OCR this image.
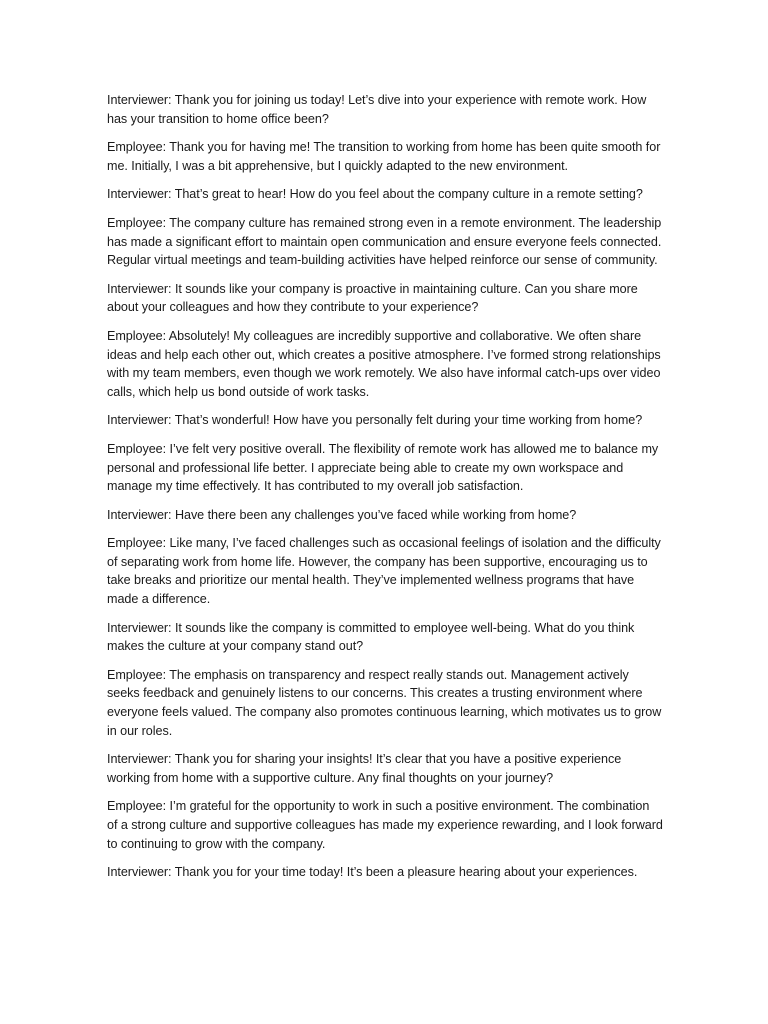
Interviewer: Thank you for joining us today! Let’s dive into your experience with remote work. How has your transition to home office been?

Employee: Thank you for having me! The transition to working from home has been quite smooth for me. Initially, I was a bit apprehensive, but I quickly adapted to the new environment.

Interviewer: That’s great to hear! How do you feel about the company culture in a remote setting?

Employee: The company culture has remained strong even in a remote environment. The leadership has made a significant effort to maintain open communication and ensure everyone feels connected. Regular virtual meetings and team-building activities have helped reinforce our sense of community.

Interviewer: It sounds like your company is proactive in maintaining culture. Can you share more about your colleagues and how they contribute to your experience?

Employee: Absolutely! My colleagues are incredibly supportive and collaborative. We often share ideas and help each other out, which creates a positive atmosphere. I’ve formed strong relationships with my team members, even though we work remotely. We also have informal catch-ups over video calls, which help us bond outside of work tasks.

Interviewer: That’s wonderful! How have you personally felt during your time working from home?

Employee: I’ve felt very positive overall. The flexibility of remote work has allowed me to balance my personal and professional life better. I appreciate being able to create my own workspace and manage my time effectively. It has contributed to my overall job satisfaction.

Interviewer: Have there been any challenges you’ve faced while working from home?

Employee: Like many, I’ve faced challenges such as occasional feelings of isolation and the difficulty of separating work from home life. However, the company has been supportive, encouraging us to take breaks and prioritize our mental health. They’ve implemented wellness programs that have made a difference.

Interviewer: It sounds like the company is committed to employee well-being. What do you think makes the culture at your company stand out?

Employee: The emphasis on transparency and respect really stands out. Management actively seeks feedback and genuinely listens to our concerns. This creates a trusting environment where everyone feels valued. The company also promotes continuous learning, which motivates us to grow in our roles.

Interviewer: Thank you for sharing your insights! It’s clear that you have a positive experience working from home with a supportive culture. Any final thoughts on your journey?

Employee: I’m grateful for the opportunity to work in such a positive environment. The combination of a strong culture and supportive colleagues has made my experience rewarding, and I look forward to continuing to grow with the company.

Interviewer: Thank you for your time today! It’s been a pleasure hearing about your experiences.
